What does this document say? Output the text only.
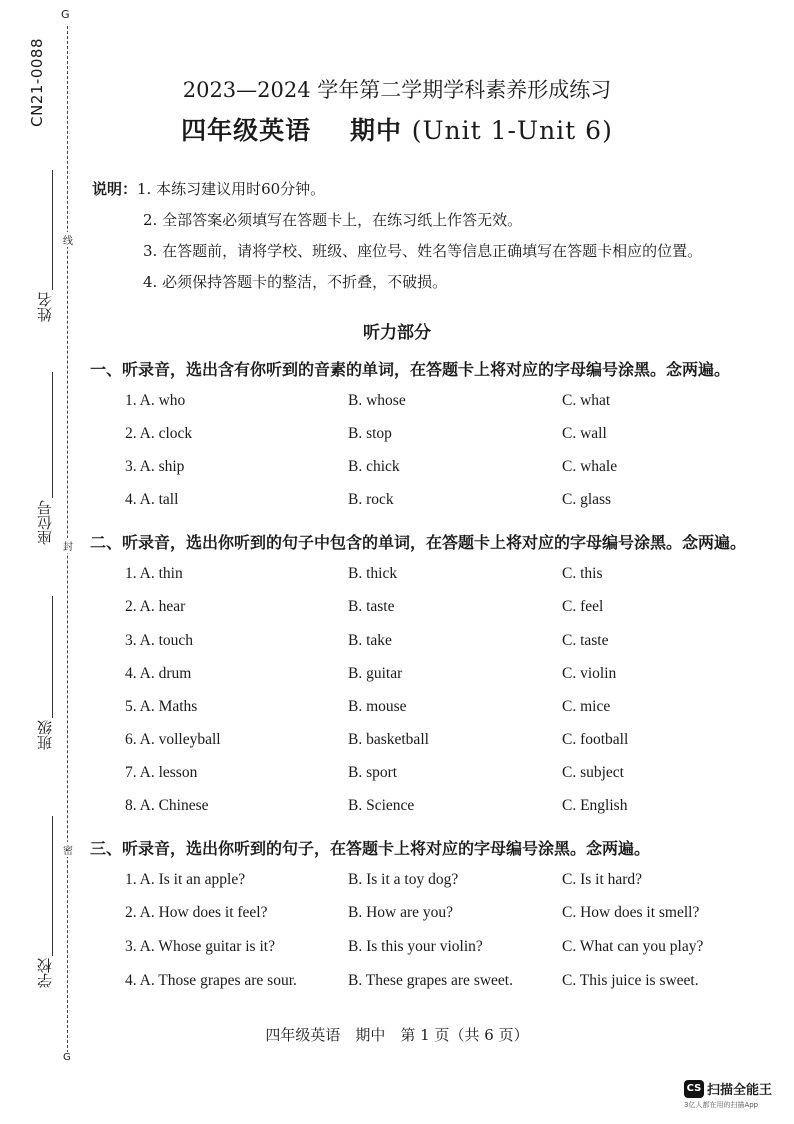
G
CN21-0088
线
封
密
G
姓名
座位号
班级
学校
2023—2024 学年第二学期学科素养形成练习
四年级英语 期中 (Unit 1-Unit 6)
说明：1. 本练习建议用时60分钟。
2. 全部答案必须填写在答题卡上，在练习纸上作答无效。
3. 在答题前，请将学校、班级、座位号、姓名等信息正确填写在答题卡相应的位置。
4. 必须保持答题卡的整洁，不折叠，不破损。
听力部分
一、听录音，选出含有你听到的音素的单词，在答题卡上将对应的字母编号涂黑。念两遍。
1. A. who	B. whose	C. what
2. A. clock	B. stop	C. wall
3. A. ship	B. chick	C. whale
4. A. tall	B. rock	C. glass
二、听录音，选出你听到的句子中包含的单词，在答题卡上将对应的字母编号涂黑。念两遍。
1. A. thin	B. thick	C. this
2. A. hear	B. taste	C. feel
3. A. touch	B. take	C. taste
4. A. drum	B. guitar	C. violin
5. A. Maths	B. mouse	C. mice
6. A. volleyball	B. basketball	C. football
7. A. lesson	B. sport	C. subject
8. A. Chinese	B. Science	C. English
三、听录音，选出你听到的句子，在答题卡上将对应的字母编号涂黑。念两遍。
1. A. Is it an apple?	B. Is it a toy dog?	C. Is it hard?
2. A. How does it feel?	B. How are you?	C. How does it smell?
3. A. Whose guitar is it?	B. Is this your violin?	C. What can you play?
4. A. Those grapes are sour.	B. These grapes are sweet.	C. This juice is sweet.
四年级英语　期中　第 1 页（共 6 页）
CS 扫描全能王
3亿人都在用的扫描App
